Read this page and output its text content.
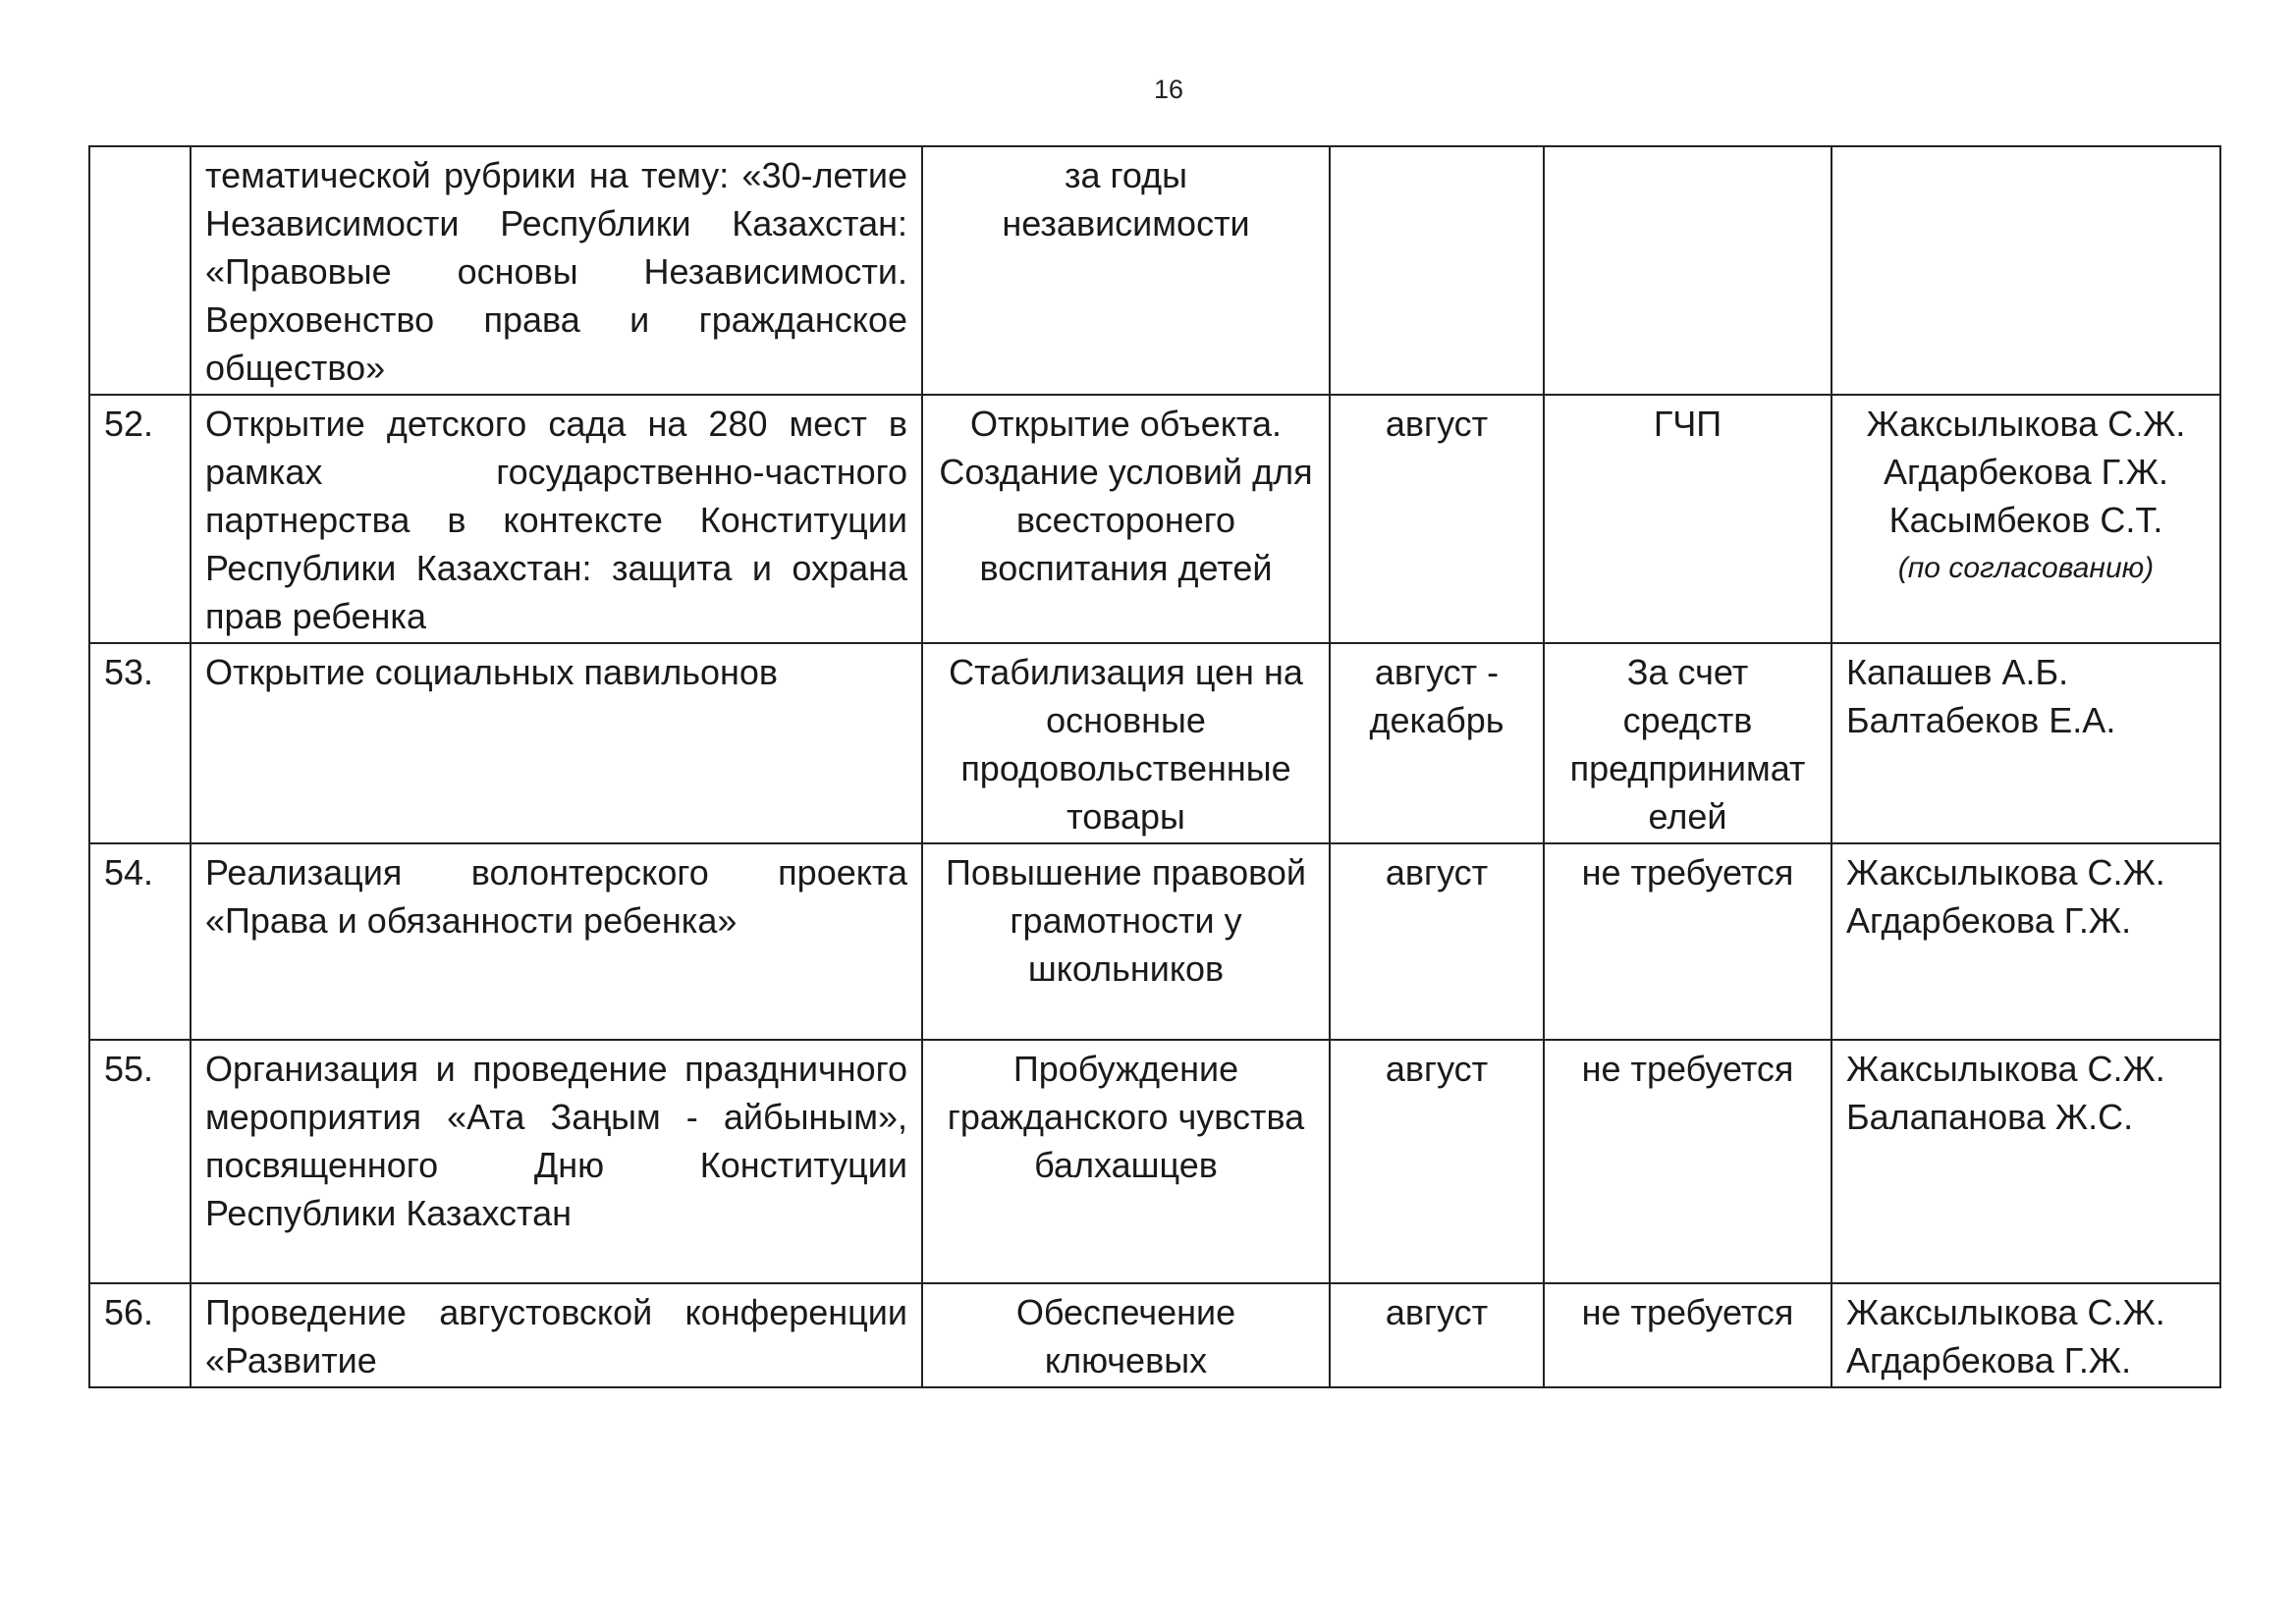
16
	тематической рубрики на тему: «30-летие Независимости Республики Казахстан: «Правовые основы Независимости. Верховенство права и гражданское общество»	за годы независимости			
52.	Открытие детского сада на 280 мест в рамках государственно-частного партнерства в контексте Конституции Республики Казахстан: защита и охрана прав ребенка	Открытие объекта. Создание условий для всесторонего воспитания детей	август	ГЧП	Жаксылыкова С.Ж.
Агдарбекова Г.Ж.
Касымбеков С.Т.
(по согласованию)

53.	Открытие социальных павильонов	Стабилизация цен на основные продовольственные товары	август - декабрь	За счет средств предпринимат елей	Капашев А.Б.
Балтабеков Е.А.

54.	Реализация волонтерского проекта «Права и обязанности ребенка»	Повышение правовой грамотности у школьников	август	не требуется	Жаксылыкова С.Ж.
Агдарбекова Г.Ж.

55.	Организация и проведение праздничного мероприятия «Ата Заңым - айбыным», посвященного Дню Конституции Республики Казахстан	Пробуждение гражданского чувства балхашцев	август	не требуется	Жаксылыкова С.Ж.
Балапанова Ж.С.

56.	Проведение августовской конференции «Развитие	Обеспечение ключевых	август	не требуется	Жаксылыкова С.Ж.
Агдарбекова Г.Ж.
